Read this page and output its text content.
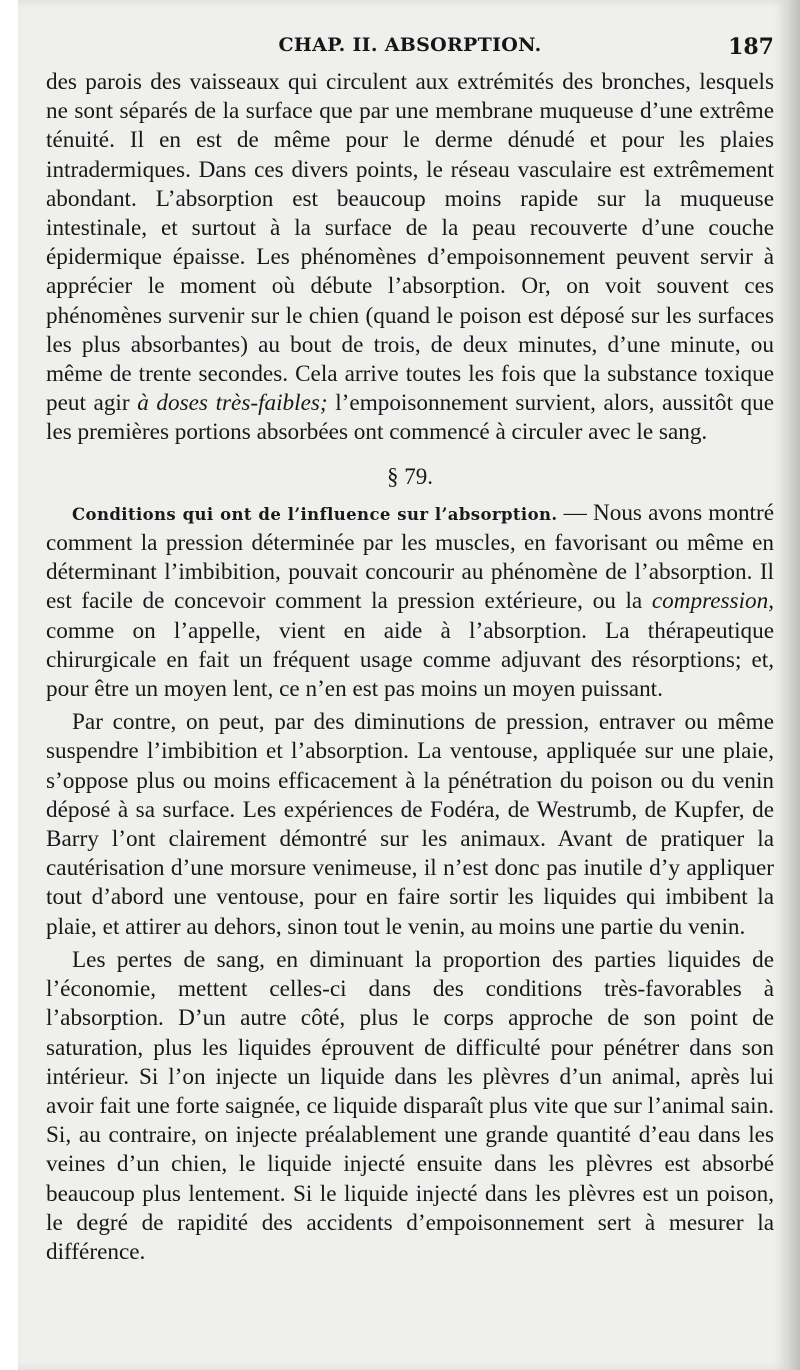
CHAP. II. ABSORPTION.	187

des parois des vaisseaux qui circulent aux extrémités des bronches, lesquels ne sont séparés de la surface que par une membrane muqueuse d’une extrême ténuité. Il en est de même pour le derme dénudé et pour les plaies intradermiques. Dans ces divers points, le réseau vasculaire est extrêmement abondant. L’absorption est beaucoup moins rapide sur la muqueuse intestinale, et surtout à la surface de la peau recouverte d’une couche épidermique épaisse. Les phénomènes d’empoisonnement peuvent servir à apprécier le moment où débute l’absorption. Or, on voit souvent ces phénomènes survenir sur le chien (quand le poison est déposé sur les surfaces les plus absorbantes) au bout de trois, de deux minutes, d’une minute, ou même de trente secondes. Cela arrive toutes les fois que la substance toxique peut agir à doses très-faibles; l’empoisonnement survient, alors, aussitôt que les premières portions absorbées ont commencé à circuler avec le sang.

§ 79.

Conditions qui ont de l’influence sur l’absorption. — Nous avons montré comment la pression déterminée par les muscles, en favorisant ou même en déterminant l’imbibition, pouvait concourir au phénomène de l’absorption. Il est facile de concevoir comment la pression extérieure, ou la compression, comme on l’appelle, vient en aide à l’absorption. La thérapeutique chirurgicale en fait un fréquent usage comme adjuvant des résorptions; et, pour être un moyen lent, ce n’en est pas moins un moyen puissant.

Par contre, on peut, par des diminutions de pression, entraver ou même suspendre l’imbibition et l’absorption. La ventouse, appliquée sur une plaie, s’oppose plus ou moins efficacement à la pénétration du poison ou du venin déposé à sa surface. Les expériences de Fodéra, de Westrumb, de Kupfer, de Barry l’ont clairement démontré sur les animaux. Avant de pratiquer la cautérisation d’une morsure venimeuse, il n’est donc pas inutile d’y appliquer tout d’abord une ventouse, pour en faire sortir les liquides qui imbibent la plaie, et attirer au dehors, sinon tout le venin, au moins une partie du venin.

Les pertes de sang, en diminuant la proportion des parties liquides de l’économie, mettent celles-ci dans des conditions très-favorables à l’absorption. D’un autre côté, plus le corps approche de son point de saturation, plus les liquides éprouvent de difficulté pour pénétrer dans son intérieur. Si l’on injecte un liquide dans les plèvres d’un animal, après lui avoir fait une forte saignée, ce liquide disparaît plus vite que sur l’animal sain. Si, au contraire, on injecte préalablement une grande quantité d’eau dans les veines d’un chien, le liquide injecté ensuite dans les plèvres est absorbé beaucoup plus lentement. Si le liquide injecté dans les plèvres est un poison, le degré de rapidité des accidents d’empoisonnement sert à mesurer la différence.
